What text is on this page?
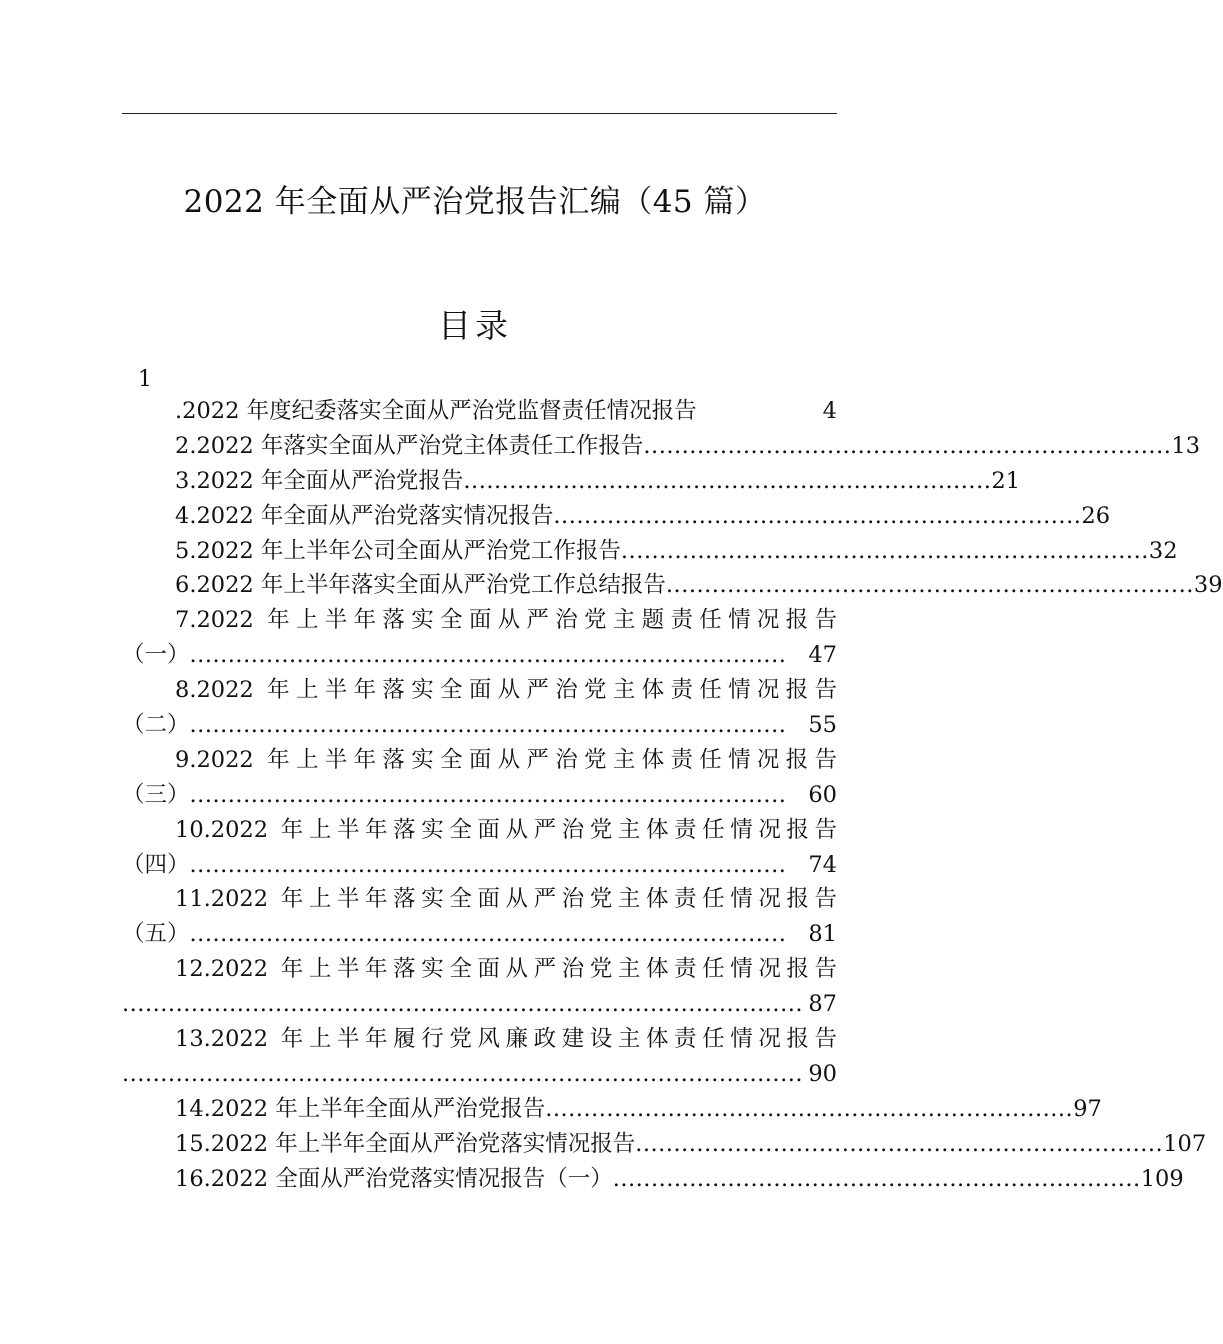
2022 年全面从严治党报告汇编（45 篇）
目录
1
.2022 年度纪委落实全面从严治党监督责任情况报告	4
2.2022 年落实全面从严治党主体责任工作报告 ..................................................................... 13
3.2022 年全面从严治党报告 ..................................................................... 21
4.2022 年全面从严治党落实情况报告 ..................................................................... 26
5.2022 年上半年公司全面从严治党工作报告 ..................................................................... 32
6.2022 年上半年落实全面从严治党工作总结报告 ..................................................................... 39
7.2022 年上半年落实全面从严治党主题责任情况报告
（一） .............................................................................. 47
8.2022 年上半年落实全面从严治党主体责任情况报告
（二） .............................................................................. 55
9.2022 年上半年落实全面从严治党主体责任情况报告
（三） .............................................................................. 60
10.2022 年上半年落实全面从严治党主体责任情况报告
（四） .............................................................................. 74
11.2022 年上半年落实全面从严治党主体责任情况报告
（五） .............................................................................. 81
12.2022 年上半年落实全面从严治党主体责任情况报告
......................................................................................... 87
13.2022 年上半年履行党风廉政建设主体责任情况报告
......................................................................................... 90
14.2022 年上半年全面从严治党报告 ..................................................................... 97
15.2022 年上半年全面从严治党落实情况报告 ..................................................................... 107
16.2022 全面从严治党落实情况报告（一） ..................................................................... 109
